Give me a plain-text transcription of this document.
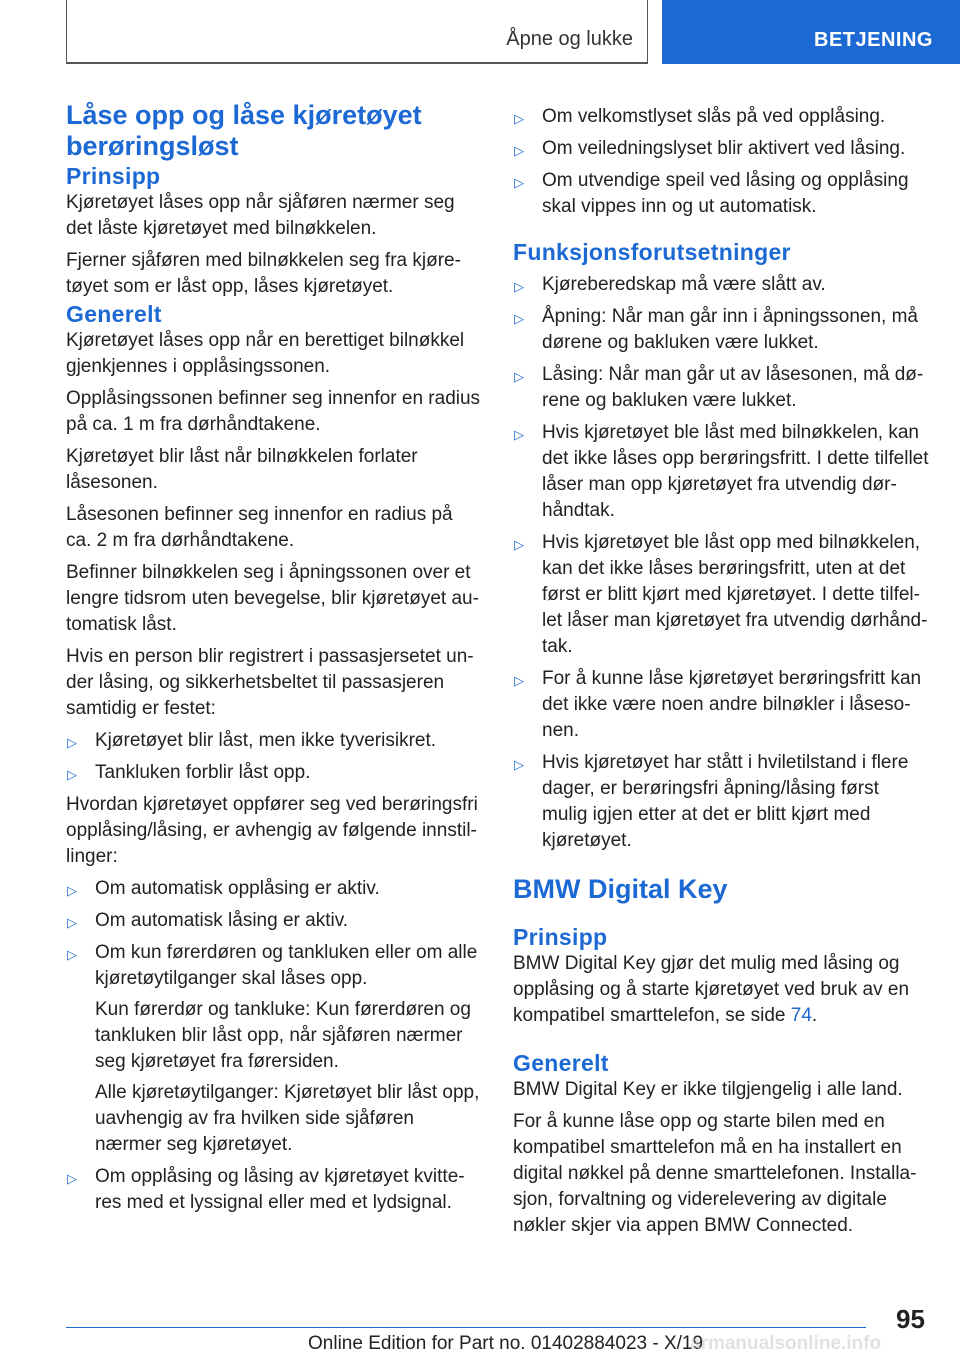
Åpne og lukke	BETJENING
Låse opp og låse kjøretøyet berøringsløst
Prinsipp

Kjøretøyet låses opp når sjåføren nærmer seg det låste kjøretøyet med bilnøkkelen.

Fjerner sjåføren med bilnøkkelen seg fra kjøretøyet som er låst opp, låses kjøretøyet.

Generelt

Kjøretøyet låses opp når en berettiget bilnøkkel gjenkjennes i opplåsingssonen.

Opplåsingssonen befinner seg innenfor en radius på ca. 1 m fra dørhåndtakene.

Kjøretøyet blir låst når bilnøkkelen forlater låsesonen.

Låsesonen befinner seg innenfor en radius på ca. 2 m fra dørhåndtakene.

Befinner bilnøkkelen seg i åpningssonen over et lengre tidsrom uten bevegelse, blir kjøretøyet automatisk låst.

Hvis en person blir registrert i passasjersetet under låsing, og sikkerhetsbeltet til passasjeren samtidig er festet:

▷ Kjøretøyet blir låst, men ikke tyverisikret.
▷ Tankluken forblir låst opp.

Hvordan kjøretøyet oppfører seg ved berøringsfri opplåsing/låsing, er avhengig av følgende innstillinger:

▷ Om automatisk opplåsing er aktiv.
▷ Om automatisk låsing er aktiv.
▷ Om kun førerdøren og tankluken eller om alle kjøretøytilganger skal låses opp.

Kun førerdør og tankluke: Kun førerdøren og tankluken blir låst opp, når sjåføren nærmer seg kjøretøyet fra førersiden.

Alle kjøretøytilganger: Kjøretøyet blir låst opp, uavhengig av fra hvilken side sjåføren nærmer seg kjøretøyet.

▷ Om opplåsing og låsing av kjøretøyet kvitteres med et lyssignal eller med et lydsignal.
▷ Om velkomstlyset slås på ved opplåsing.
▷ Om veiledningslyset blir aktivert ved låsing.
▷ Om utvendige speil ved låsing og opplåsing skal vippes inn og ut automatisk.
Funksjonsforutsetninger
▷ Kjøreberedskap må være slått av.
▷ Åpning: Når man går inn i åpningssonen, må dørene og bakluken være lukket.
▷ Låsing: Når man går ut av låsesonen, må dørene og bakluken være lukket.
▷ Hvis kjøretøyet ble låst med bilnøkkelen, kan det ikke låses opp berøringsfritt. I dette tilfellet låser man opp kjøretøyet fra utvendig dørhåndtak.
▷ Hvis kjøretøyet ble låst opp med bilnøkkelen, kan det ikke låses berøringsfritt, uten at det først er blitt kjørt med kjøretøyet. I dette tilfellet låser man kjøretøyet fra utvendig dørhåndtak.
▷ For å kunne låse kjøretøyet berøringsfritt kan det ikke være noen andre bilnøkler i låsesonen.
▷ Hvis kjøretøyet har stått i hviletilstand i flere dager, er berøringsfri åpning/låsing først mulig igjen etter at det er blitt kjørt med kjøretøyet.
BMW Digital Key
Prinsipp

BMW Digital Key gjør det mulig med låsing og opplåsing og å starte kjøretøyet ved bruk av en kompatibel smarttelefon, se side 74.

Generelt

BMW Digital Key er ikke tilgjengelig i alle land.

For å kunne låse opp og starte bilen med en kompatibel smarttelefon må en ha installert en digital nøkkel på denne smarttelefonen. Installasjon, forvaltning og viderelevering av digitale nøkler skjer via appen BMW Connected.

95
Online Edition for Part no. 01402884023 - X/19
armanualsonline.info
